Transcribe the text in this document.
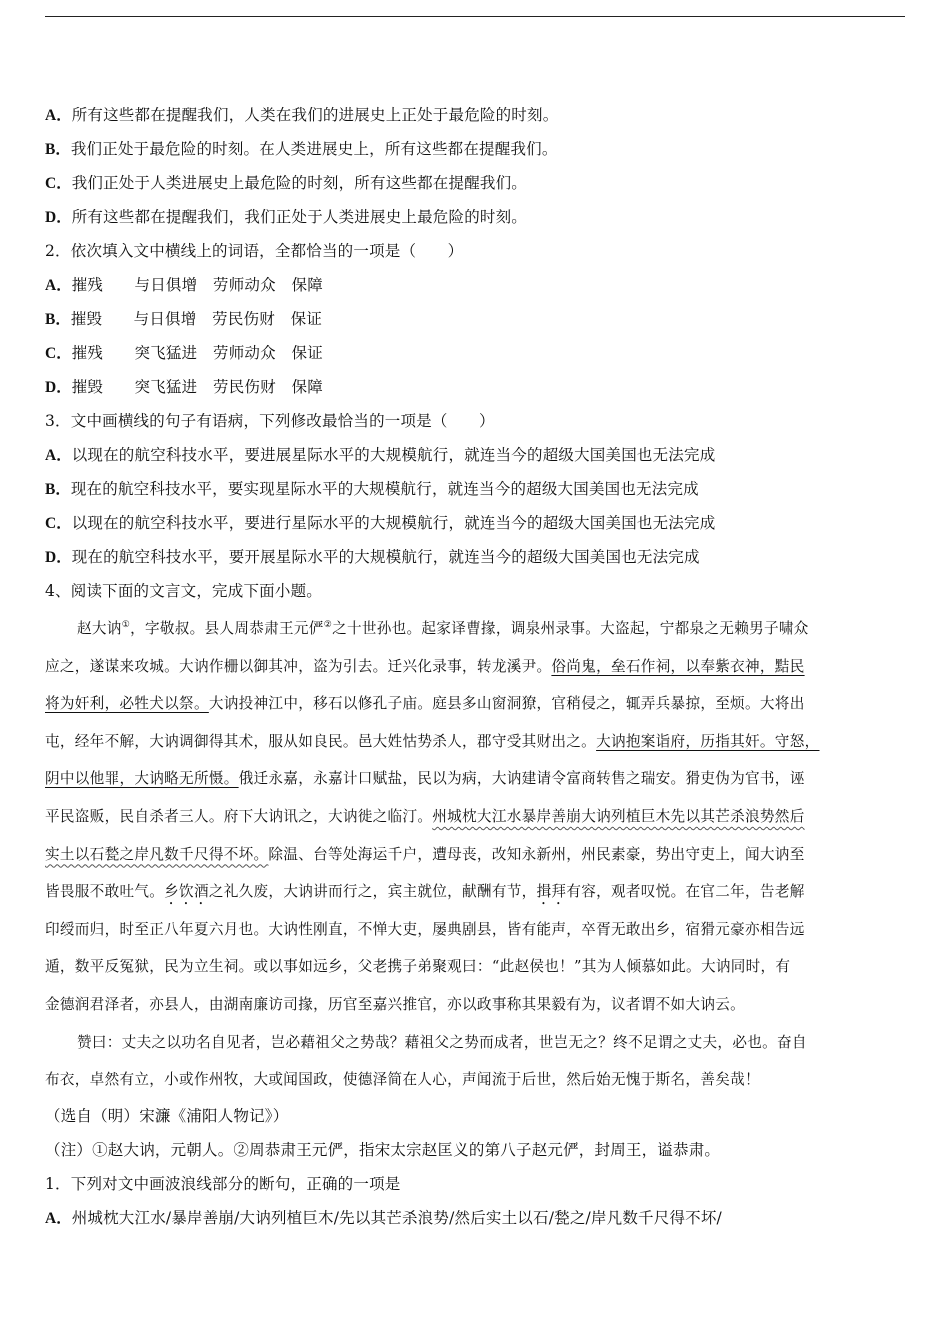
A．所有这些都在提醒我们，人类在我们的进展史上正处于最危险的时刻。
B．我们正处于最危险的时刻。在人类进展史上，所有这些都在提醒我们。
C．我们正处于人类进展史上最危险的时刻，所有这些都在提醒我们。
D．所有这些都在提醒我们，我们正处于人类进展史上最危险的时刻。
2．依次填入文中横线上的词语，全都恰当的一项是（　　）
A．摧残　　与日俱增　劳师动众　保障
B．摧毁　　与日俱增　劳民伤财　保证
C．摧残　　突飞猛进　劳师动众　保证
D．摧毁　　突飞猛进　劳民伤财　保障
3．文中画横线的句子有语病，下列修改最恰当的一项是（　　）
A．以现在的航空科技水平，要进展星际水平的大规模航行，就连当今的超级大国美国也无法完成
B．现在的航空科技水平，要实现星际水平的大规模航行，就连当今的超级大国美国也无法完成
C．以现在的航空科技水平，要进行星际水平的大规模航行，就连当今的超级大国美国也无法完成
D．现在的航空科技水平，要开展星际水平的大规模航行，就连当今的超级大国美国也无法完成
4、阅读下面的文言文，完成下面小题。
赵大讷①，字敬叔。县人周恭肃王元俨②之十世孙也。起家译曹掾，调泉州录事。大盗起，宁都泉之无赖男子啸众
应之，遂谋来攻城。大讷作栅以御其冲，盗为引去。迁兴化录事，转龙溪尹。俗尚鬼，垒石作祠，以奉紫衣神，黠民
将为奸利，必牲犬以祭。大讷投神江中，移石以修孔子庙。庭县多山窗洞獠，官稍侵之，辄弄兵暴掠，至烦。大将出
屯，经年不解，大讷调御得其术，服从如良民。邑大姓怙势杀人，郡守受其财出之。大讷抱案诣府，历指其奸。守怒，
阴中以他罪，大讷略无所慑。俄迁永嘉，永嘉计口赋盐，民以为病，大讷建请令富商转售之瑞安。猾吏伪为官书，诬
平民盗贩，民自杀者三人。府下大讷讯之，大讷徙之临汀。州城枕大江水暴岸善崩大讷列植巨木先以其芒杀浪势然后
实土以石甃之岸凡数千尺得不坏。除温、台等处海运千户，遭母丧，改知永新州，州民素豪，势出守吏上，闻大讷至
皆畏服不敢吐气。乡饮酒之礼久废，大讷讲而行之，宾主就位，献酬有节，揖拜有容，观者叹悦。在官二年，告老解
印绶而归，时至正八年夏六月也。大讷性刚直，不惮大吏，屡典剧县，皆有能声，卒胥无敢出乡，宿猾元豪亦相告远
遁，数平反冤狱，民为立生祠。或以事如远乡，父老携子弟聚观曰：“此赵侯也！”其为人倾慕如此。大讷同时，有
金德润君泽者，亦县人，由湖南廉访司掾，历官至嘉兴推官，亦以政事称其果毅有为，议者谓不如大讷云。
赞曰：丈夫之以功名自见者，岂必藉祖父之势哉？藉祖父之势而成者，世岂无之？终不足谓之丈夫，必也。奋自
布衣，卓然有立，小或作州牧，大或闻国政，使德泽简在人心，声闻流于后世，然后始无愧于斯名，善矣哉！
（选自（明）宋濂《浦阳人物记》）
（注）①赵大讷，元朝人。②周恭肃王元俨，指宋太宗赵匡义的第八子赵元俨，封周王，谥恭肃。
1．下列对文中画波浪线部分的断句，正确的一项是
A．州城枕大江水/暴岸善崩/大讷列植巨木/先以其芒杀浪势/然后实土以石/甃之/岸凡数千尺得不坏/
